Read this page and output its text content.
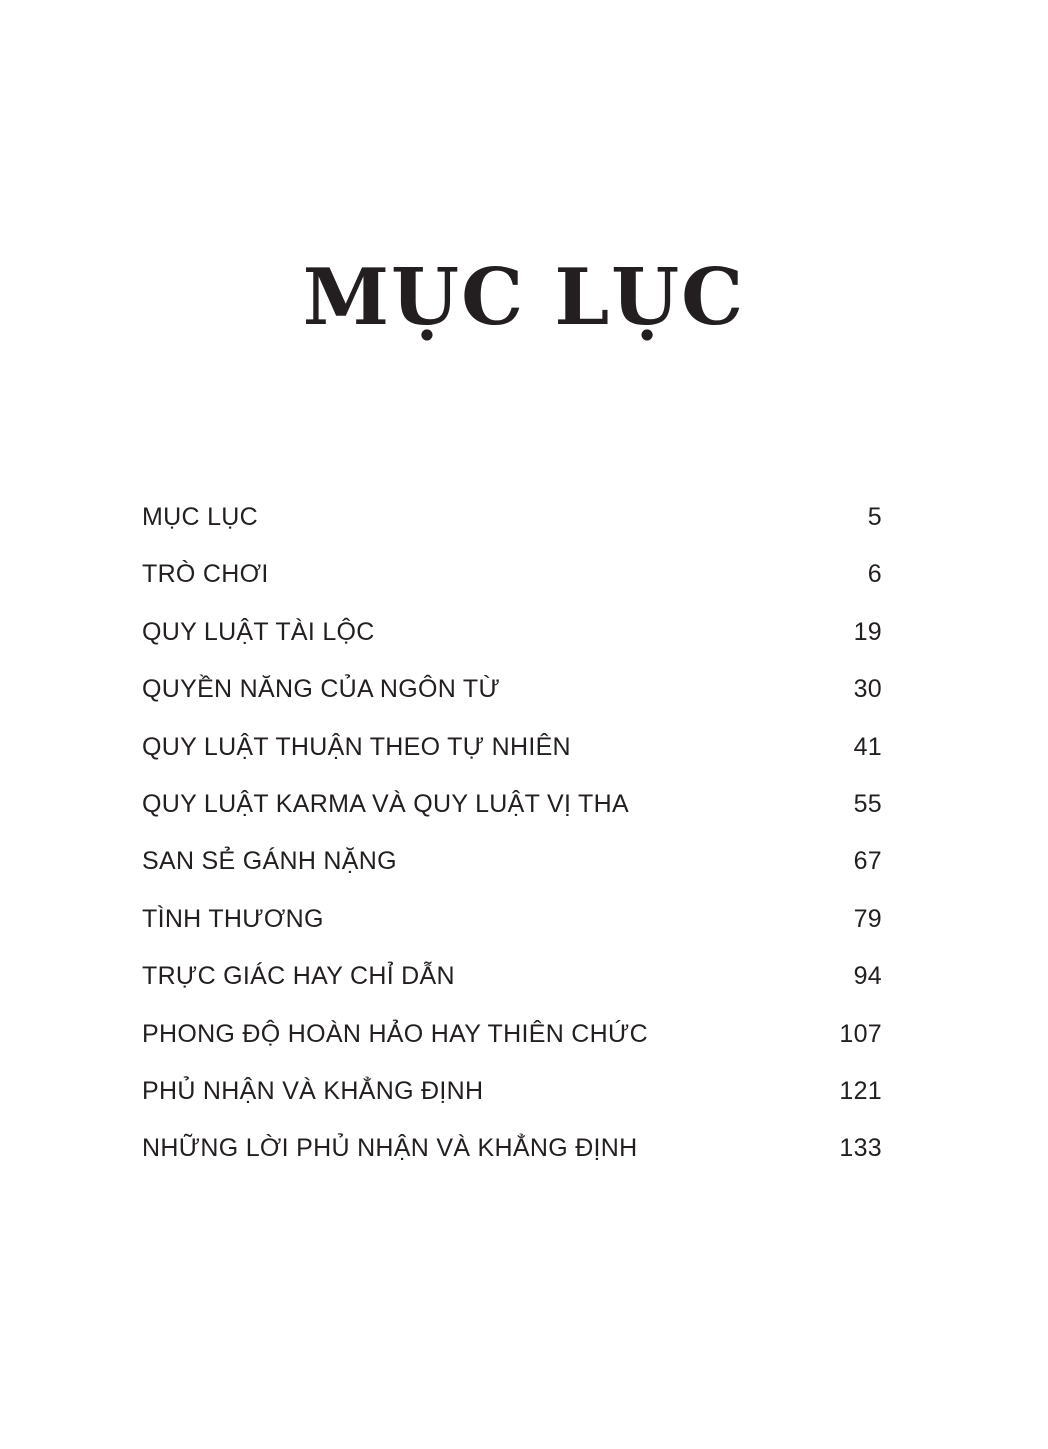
MỤC LỤC
MỤC LỤC	5
TRÒ CHƠI	6
QUY LUẬT TÀI LỘC	19
QUYỀN NĂNG CỦA NGÔN TỪ	30
QUY LUẬT THUẬN THEO TỰ NHIÊN	41
QUY LUẬT KARMA VÀ QUY LUẬT VỊ THA	55
SAN SẺ GÁNH NẶNG	67
TÌNH THƯƠNG	79
TRỰC GIÁC HAY CHỈ DẪN	94
PHONG ĐỘ HOÀN HẢO HAY THIÊN CHỨC	107
PHỦ NHẬN VÀ KHẲNG ĐỊNH	121
NHỮNG LỜI PHỦ NHẬN VÀ KHẲNG ĐỊNH	133
